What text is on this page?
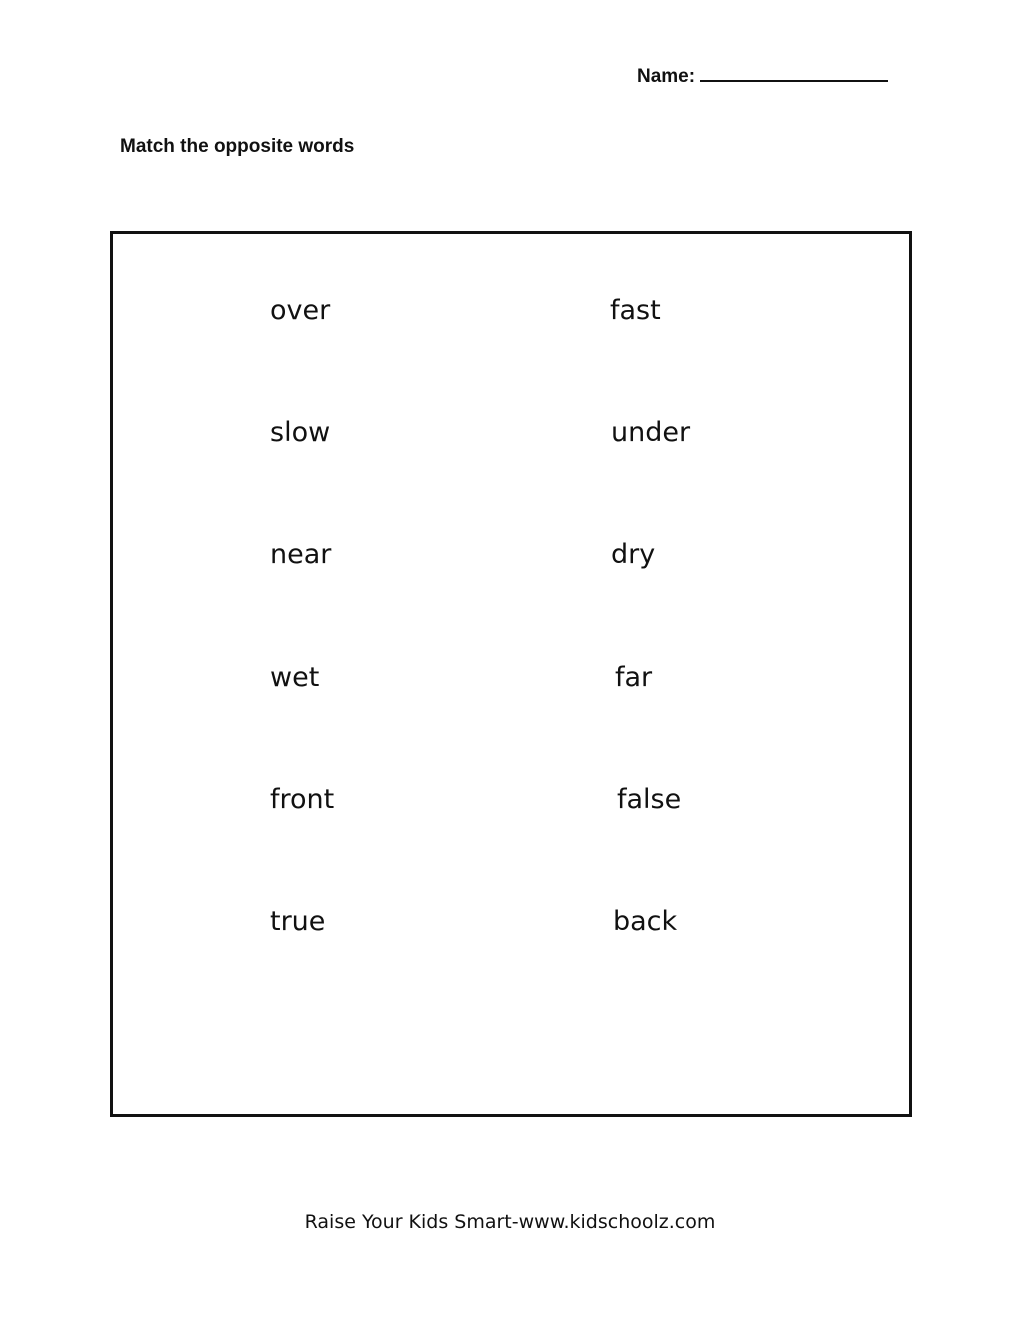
Name:
Match the opposite words
over
slow
near
wet
front
true
fast
under
dry
far
false
back
Raise Your Kids Smart-www.kidschoolz.com
